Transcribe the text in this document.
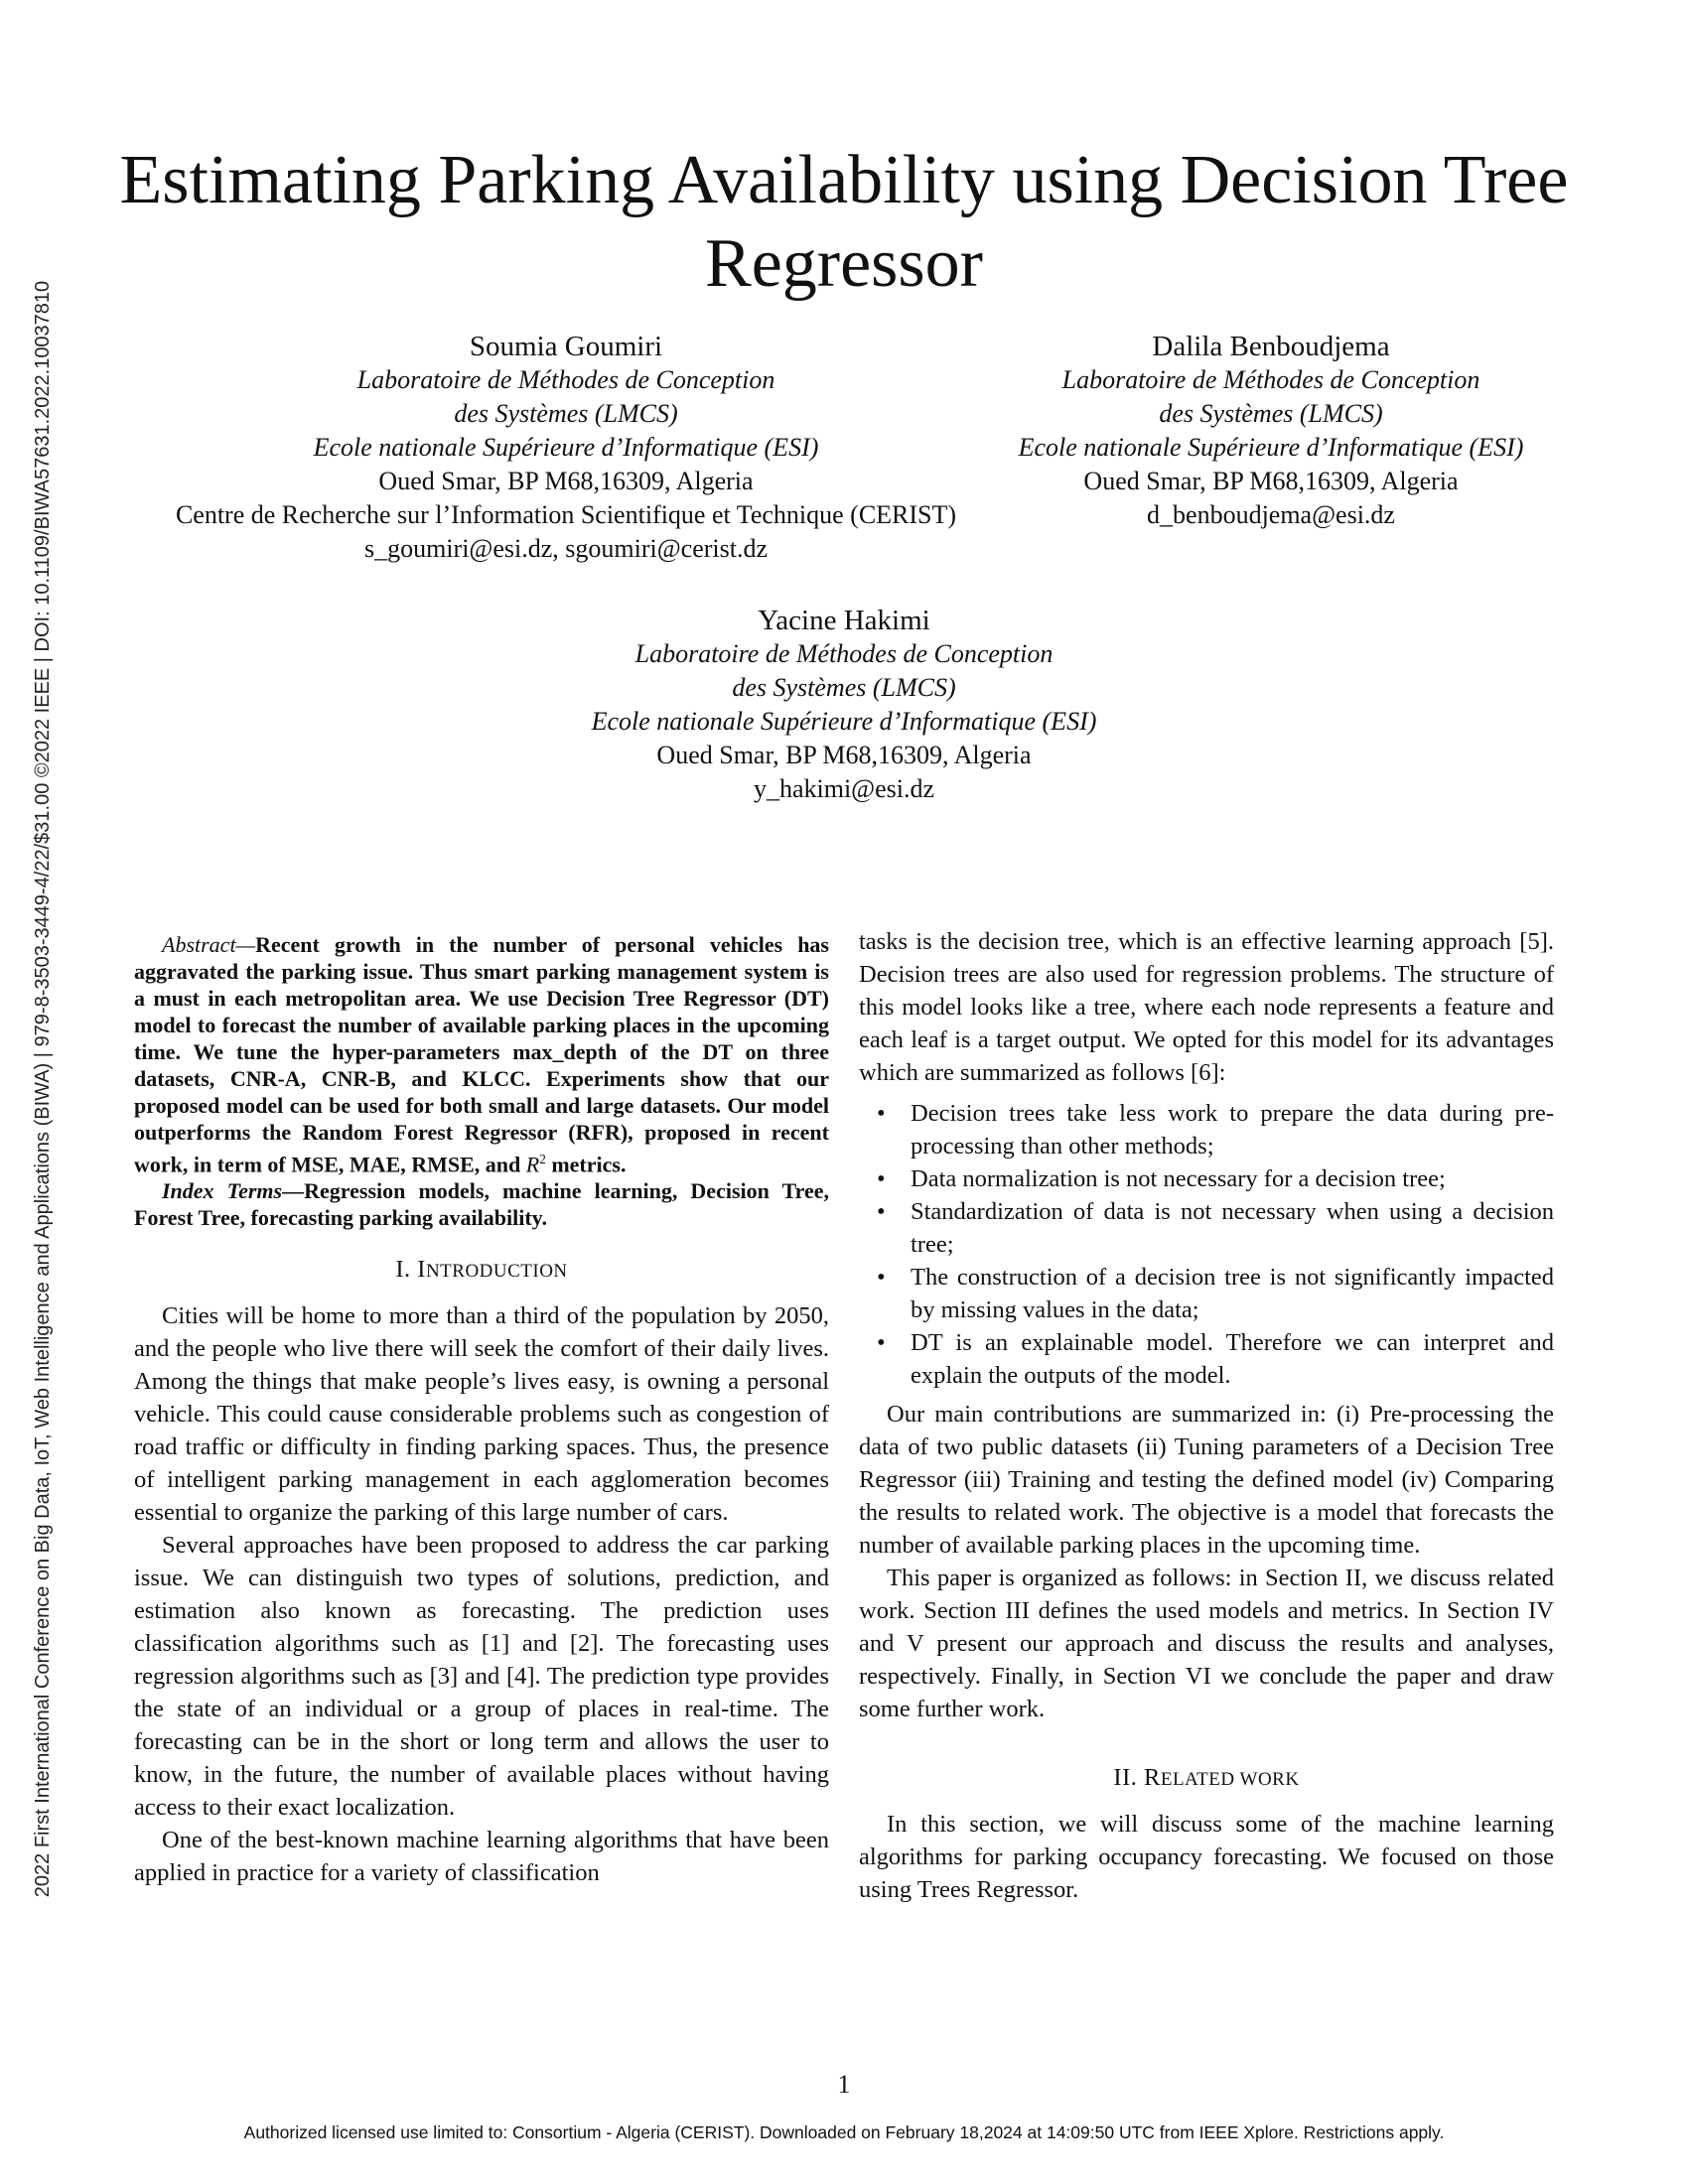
2022 First International Conference on Big Data, IoT, Web Intelligence and Applications (BIWA) | 979-8-3503-3449-4/22/$31.00 ©2022 IEEE | DOI: 10.1109/BIWA57631.2022.10037810
Estimating Parking Availability using Decision Tree Regressor
Soumia Goumiri
Laboratoire de Méthodes de Conception
des Systèmes (LMCS)
Ecole nationale Supérieure d’Informatique (ESI)
Oued Smar, BP M68,16309, Algeria
Centre de Recherche sur l’Information Scientifique et Technique (CERIST)
s_goumiri@esi.dz, sgoumiri@cerist.dz
Dalila Benboudjema
Laboratoire de Méthodes de Conception
des Systèmes (LMCS)
Ecole nationale Supérieure d’Informatique (ESI)
Oued Smar, BP M68,16309, Algeria
d_benboudjema@esi.dz
Yacine Hakimi
Laboratoire de Méthodes de Conception
des Systèmes (LMCS)
Ecole nationale Supérieure d’Informatique (ESI)
Oued Smar, BP M68,16309, Algeria
y_hakimi@esi.dz

Abstract—Recent growth in the number of personal vehicles has aggravated the parking issue. Thus smart parking management system is a must in each metropolitan area. We use Decision Tree Regressor (DT) model to forecast the number of available parking places in the upcoming time. We tune the hyper-parameters max_depth of the DT on three datasets, CNR-A, CNR-B, and KLCC. Experiments show that our proposed model can be used for both small and large datasets. Our model outperforms the Random Forest Regressor (RFR), proposed in recent work, in term of MSE, MAE, RMSE, and $R^2$ metrics.

Index Terms—Regression models, machine learning, Decision Tree, Forest Tree, forecasting parking availability.

I. INTRODUCTION

Cities will be home to more than a third of the population by 2050, and the people who live there will seek the comfort of their daily lives. Among the things that make people’s lives easy, is owning a personal vehicle. This could cause considerable problems such as congestion of road traffic or difficulty in finding parking spaces. Thus, the presence of intelligent parking management in each agglomeration becomes essential to organize the parking of this large number of cars.

Several approaches have been proposed to address the car parking issue. We can distinguish two types of solutions, prediction, and estimation also known as forecasting. The prediction uses classification algorithms such as [1] and [2]. The forecasting uses regression algorithms such as [3] and [4]. The prediction type provides the state of an individual or a group of places in real-time. The forecasting can be in the short or long term and allows the user to know, in the future, the number of available places without having access to their exact localization.

One of the best-known machine learning algorithms that have been applied in practice for a variety of classification

tasks is the decision tree, which is an effective learning approach [5]. Decision trees are also used for regression problems. The structure of this model looks like a tree, where each node represents a feature and each leaf is a target output. We opted for this model for its advantages which are summarized as follows [6]:

• Decision trees take less work to prepare the data during pre-processing than other methods;
• Data normalization is not necessary for a decision tree;
• Standardization of data is not necessary when using a decision tree;
• The construction of a decision tree is not significantly impacted by missing values in the data;
• DT is an explainable model. Therefore we can interpret and explain the outputs of the model.

Our main contributions are summarized in: (i) Pre-processing the data of two public datasets (ii) Tuning parameters of a Decision Tree Regressor (iii) Training and testing the defined model (iv) Comparing the results to related work. The objective is a model that forecasts the number of available parking places in the upcoming time.

This paper is organized as follows: in Section II, we discuss related work. Section III defines the used models and metrics. In Section IV and V present our approach and discuss the results and analyses, respectively. Finally, in Section VI we conclude the paper and draw some further work.

II. RELATED WORK

In this section, we will discuss some of the machine learning algorithms for parking occupancy forecasting. We focused on those using Trees Regressor.

1
Authorized licensed use limited to: Consortium - Algeria (CERIST). Downloaded on February 18,2024 at 14:09:50 UTC from IEEE Xplore. Restrictions apply.
